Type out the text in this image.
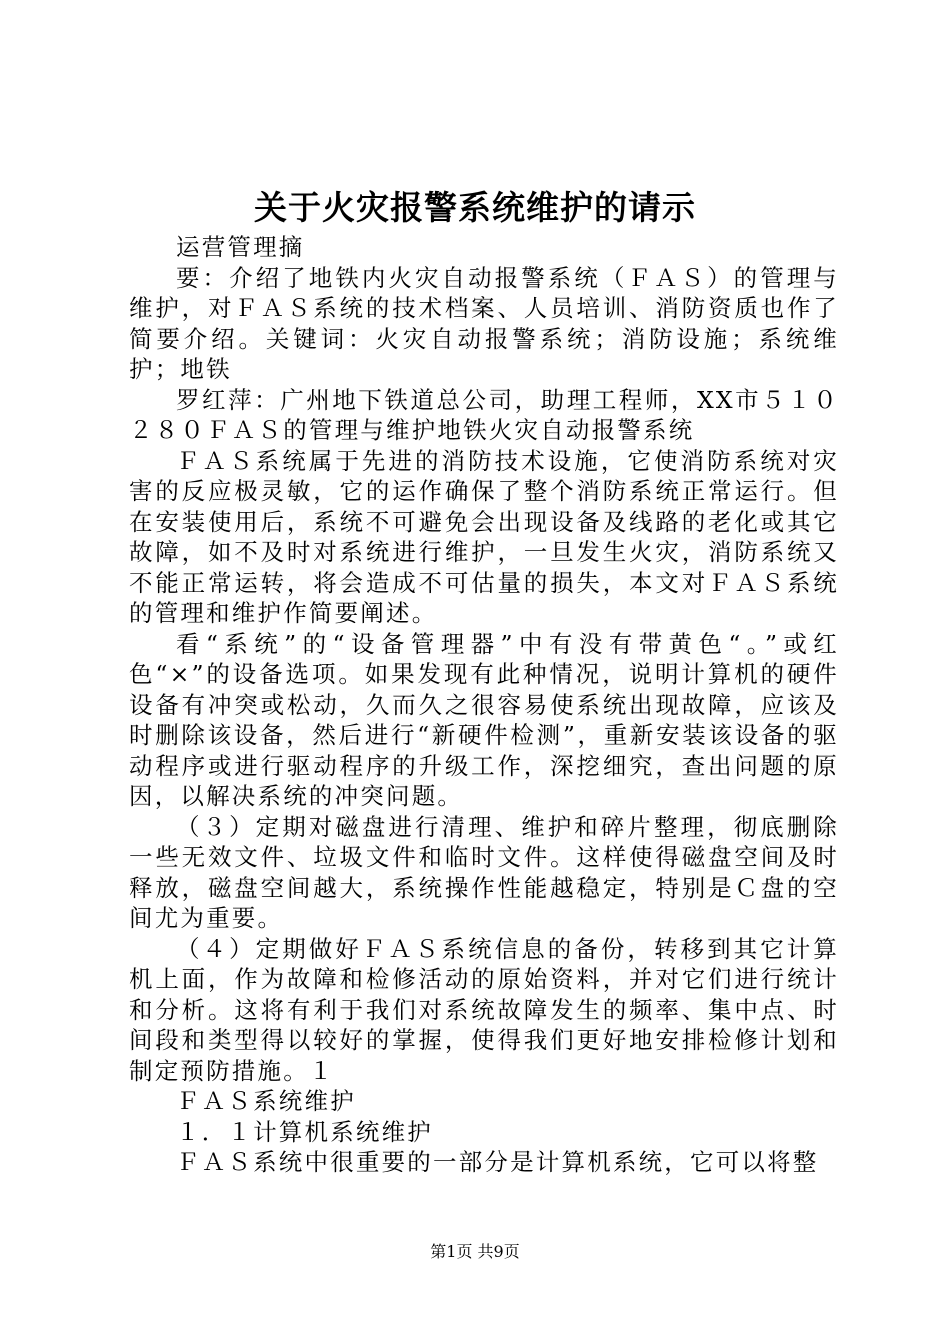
关于火灾报警系统维护的请示

运营管理摘

要：介绍了地铁内火灾自动报警系统（ＦＡＳ）的管理与维护，对ＦＡＳ系统的技术档案、人员培训、消防资质也作了简要介绍。关键词：火灾自动报警系统；消防设施；系统维护；地铁

罗红萍：广州地下铁道总公司，助理工程师，XX市５１０２８０ＦＡＳ的管理与维护地铁火灾自动报警系统

ＦＡＳ系统属于先进的消防技术设施，它使消防系统对灾害的反应极灵敏，它的运作确保了整个消防系统正常运行。但在安装使用后，系统不可避免会出现设备及线路的老化或其它故障，如不及时对系统进行维护，一旦发生火灾，消防系统又不能正常运转，将会造成不可估量的损失，本文对ＦＡＳ系统的管理和维护作简要阐述。

看“系统”的“设备管理器”中有没有带黄色“。”或红色“×”的设备选项。如果发现有此种情况，说明计算机的硬件设备有冲突或松动，久而久之很容易使系统出现故障，应该及时删除该设备，然后进行“新硬件检测”，重新安装该设备的驱动程序或进行驱动程序的升级工作，深挖细究，查出问题的原因，以解决系统的冲突问题。

（３）定期对磁盘进行清理、维护和碎片整理，彻底删除一些无效文件、垃圾文件和临时文件。这样使得磁盘空间及时释放，磁盘空间越大，系统操作性能越稳定，特别是Ｃ盘的空间尤为重要。

（４）定期做好ＦＡＳ系统信息的备份，转移到其它计算机上面，作为故障和检修活动的原始资料，并对它们进行统计和分析。这将有利于我们对系统故障发生的频率、集中点、时间段和类型得以较好的掌握，使得我们更好地安排检修计划和制定预防措施。１

ＦＡＳ系统维护

１．１计算机系统维护

ＦＡＳ系统中很重要的一部分是计算机系统，它可以将整

第1页 共9页
